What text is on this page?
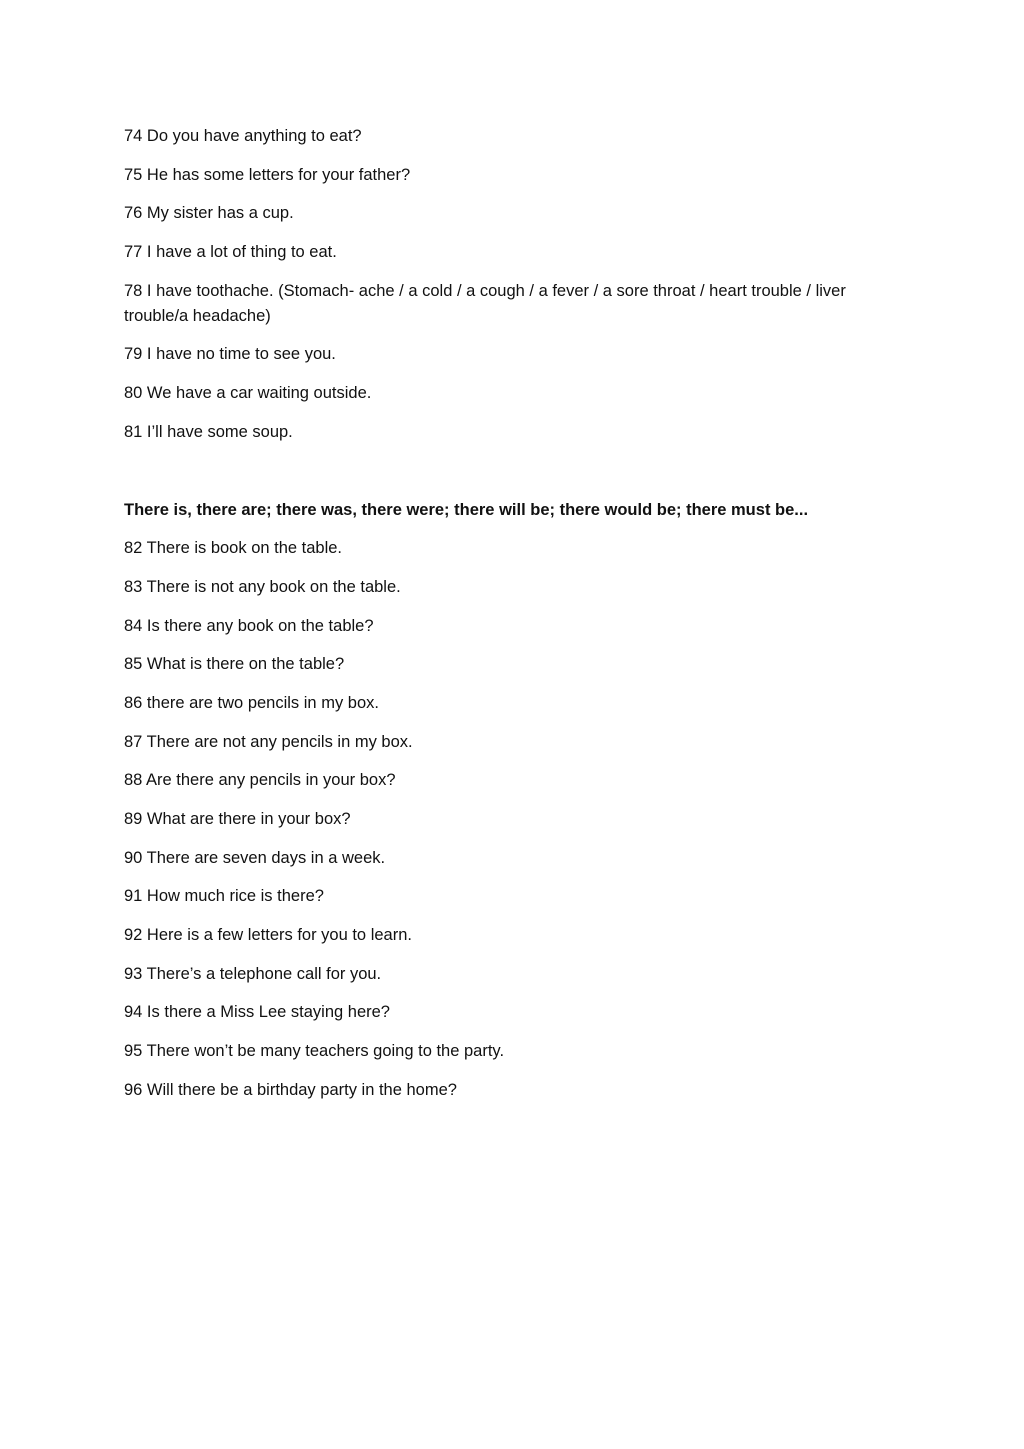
74 Do you have anything to eat?

75 He has some letters for your father?

76 My sister has a cup.

77 I have a lot of thing to eat.

78 I have toothache. (Stomach- ache / a cold / a cough / a fever / a sore throat / heart trouble / liver trouble/a headache)

79 I have no time to see you.

80 We have a car waiting outside.

81 I’ll have some soup.

There is, there are; there was, there were; there will be; there would be; there must be...

82 There is book on the table.

83 There is not any book on the table.

84 Is there any book on the table?

85 What is there on the table?

86 there are two pencils in my box.

87 There are not any pencils in my box.

88 Are there any pencils in your box?

89 What are there in your box?

90 There are seven days in a week.

91 How much rice is there?

92 Here is a few letters for you to learn.

93 There’s a telephone call for you.

94 Is there a Miss Lee staying here?

95 There won’t be many teachers going to the party.

96 Will there be a birthday party in the home?
